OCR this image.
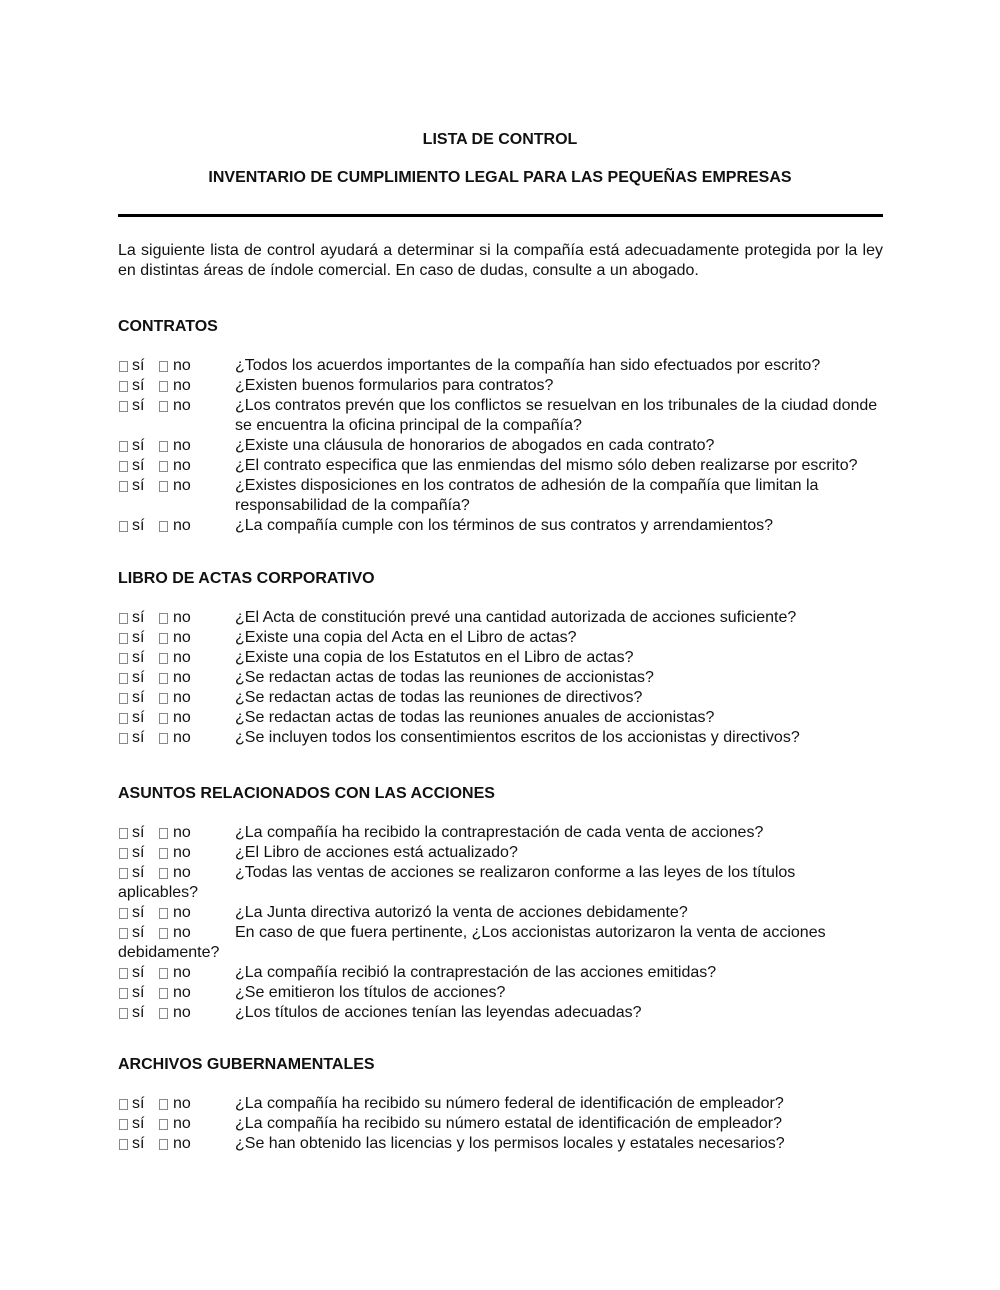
LISTA DE CONTROL
INVENTARIO DE CUMPLIMIENTO LEGAL PARA LAS PEQUEÑAS EMPRESAS
La siguiente lista de control ayudará a determinar si la compañía está adecuadamente protegida por la ley en distintas áreas de índole comercial. En caso de dudas, consulte a un abogado.
CONTRATOS
sí no	¿Todos los acuerdos importantes de la compañía han sido efectuados por escrito?
sí no	¿Existen buenos formularios para contratos?
sí no	¿Los contratos prevén que los conflictos se resuelvan en los tribunales de la ciudad donde se encuentra la oficina principal de la compañía?
sí no	¿Existe una cláusula de honorarios de abogados en cada contrato?
sí no	¿El contrato especifica que las enmiendas del mismo sólo deben realizarse por escrito?
sí no	¿Existes disposiciones en los contratos de adhesión de la compañía que limitan la responsabilidad de la compañía?
sí no	¿La compañía cumple con los términos de sus contratos y arrendamientos?
LIBRO DE ACTAS CORPORATIVO
sí no	¿El Acta de constitución prevé una cantidad autorizada de acciones suficiente?
sí no	¿Existe una copia del Acta en el Libro de actas?
sí no	¿Existe una copia de los Estatutos en el Libro de actas?
sí no	¿Se redactan actas de todas las reuniones de accionistas?
sí no	¿Se redactan actas de todas las reuniones de directivos?
sí no	¿Se redactan actas de todas las reuniones anuales de accionistas?
sí no	¿Se incluyen todos los consentimientos escritos de los accionistas y directivos?
ASUNTOS RELACIONADOS CON LAS ACCIONES
sí no	¿La compañía ha recibido la contraprestación de cada venta de acciones?
sí no	¿El Libro de acciones está actualizado?
sí no	¿Todas las ventas de acciones se realizaron conforme a las leyes de los títulos
aplicables?
sí no	¿La Junta directiva autorizó la venta de acciones debidamente?
sí no	En caso de que fuera pertinente, ¿Los accionistas autorizaron la venta de acciones
debidamente?
sí no	¿La compañía recibió la contraprestación de las acciones emitidas?
sí no	¿Se emitieron los títulos de acciones?
sí no	¿Los títulos de acciones tenían las leyendas adecuadas?
ARCHIVOS GUBERNAMENTALES
sí no	¿La compañía ha recibido su número federal de identificación de empleador?
sí no	¿La compañía ha recibido su número estatal de identificación de empleador?
sí no	¿Se han obtenido las licencias y los permisos locales y estatales necesarios?
